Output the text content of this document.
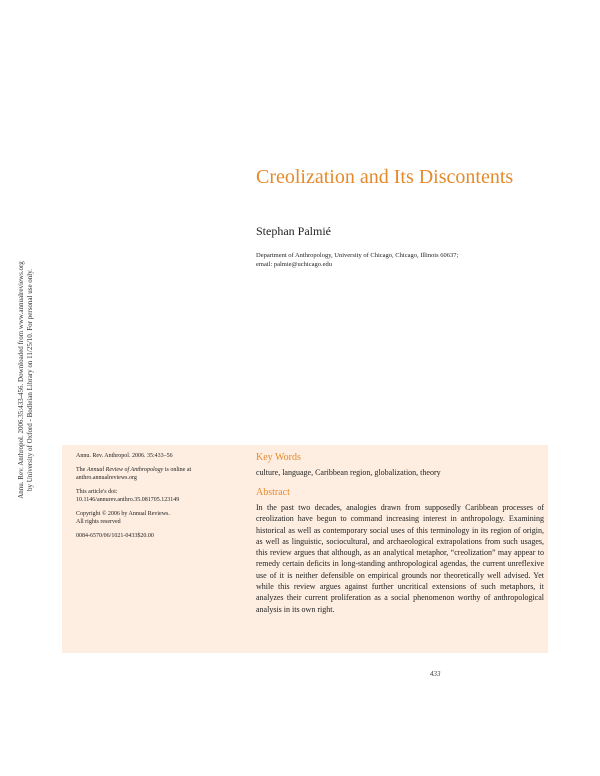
Annu. Rev. Anthropol. 2006.35:433-456. Downloaded from www.annualreviews.org by University of Oxford - Bodleian Library on 11/25/10. For personal use only.
Creolization and Its Discontents

Stephan Palmié

Department of Anthropology, University of Chicago, Chicago, Illinois 60637;
email: palmie@uchicago.edu

Annu. Rev. Anthropol. 2006. 35:433–56

The Annual Review of Anthropology is online at anthro.annualreviews.org

This article's doi:
10.1146/annurev.anthro.35.081705.123149

Copyright © 2006 by Annual Reviews.
All rights reserved

0084-6570/06/1021-0433$20.00

Key Words

culture, language, Caribbean region, globalization, theory

Abstract

In the past two decades, analogies drawn from supposedly Caribbean processes of creolization have begun to command increasing interest in anthropology. Examining historical as well as contemporary social uses of this terminology in its region of origin, as well as linguistic, sociocultural, and archaeological extrapolations from such usages, this review argues that although, as an analytical metaphor, “creolization” may appear to remedy certain deficits in long-standing anthropological agendas, the current unreflexive use of it is neither defensible on empirical grounds nor theoretically well advised. Yet while this review argues against further uncritical extensions of such metaphors, it analyzes their current proliferation as a social phenomenon worthy of anthropological analysis in its own right.

433
